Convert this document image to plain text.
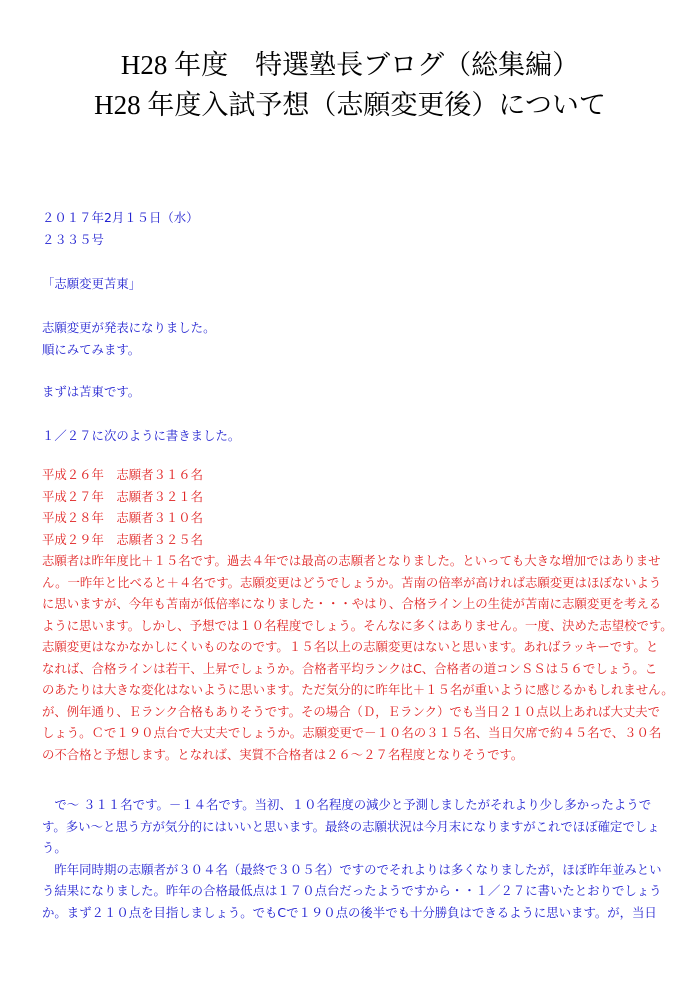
H28 年度　特選塾長ブログ（総集編）
H28 年度入試予想（志願変更後）について
２０１７年2月１５日（水）
２３３５号
「志願変更苫東」
志願変更が発表になりました。
順にみてみます。
まずは苫東です。
１／２７に次のように書きました。
平成２６年　志願者３１６名
平成２７年　志願者３２１名
平成２８年　志願者３１０名
平成２９年　志願者３２５名
志願者は昨年度比＋１５名です。過去４年では最高の志願者となりました。といっても大きな増加ではありませ
ん。一昨年と比べると＋４名です。志願変更はどうでしょうか。苫南の倍率が高ければ志願変更はほぼないよう
に思いますが、今年も苫南が低倍率になりました・・・やはり、合格ライン上の生徒が苫南に志願変更を考える
ように思います。しかし、予想では１０名程度でしょう。そんなに多くはありません。一度、決めた志望校です。
志願変更はなかなかしにくいものなのです。１５名以上の志願変更はないと思います。あればラッキーです。と
なれば、合格ラインは若干、上昇でしょうか。合格者平均ランクはC、合格者の道コンＳＳは５６でしょう。こ
のあたりは大きな変化はないように思います。ただ気分的に昨年比＋１５名が重いように感じるかもしれません。
が、例年通り、Ｅランク合格もありそうです。その場合（Ｄ，Ｅランク）でも当日２１０点以上あれば大丈夫で
しょう。Ｃで１９０点台で大丈夫でしょうか。志願変更で－１０名の３１５名、当日欠席で約４５名で、３０名
の不合格と予想します。となれば、実質不合格者は２６～２７名程度となりそうです。
　で～ ３１１名です。－１４名です。当初、１０名程度の減少と予測しましたがそれより少し多かったようで
す。多い～と思う方が気分的にはいいと思います。最終の志願状況は今月末になりますがこれでほぼ確定でしょ
う。
　昨年同時期の志願者が３０４名（最終で３０５名）ですのでそれよりは多くなりましたが，ほぼ昨年並みとい
う結果になりました。昨年の合格最低点は１７０点台だったようですから・・１／２７に書いたとおりでしょう
か。まず２１０点を目指しましょう。でもCで１９０点の後半でも十分勝負はできるように思います。が，当日
